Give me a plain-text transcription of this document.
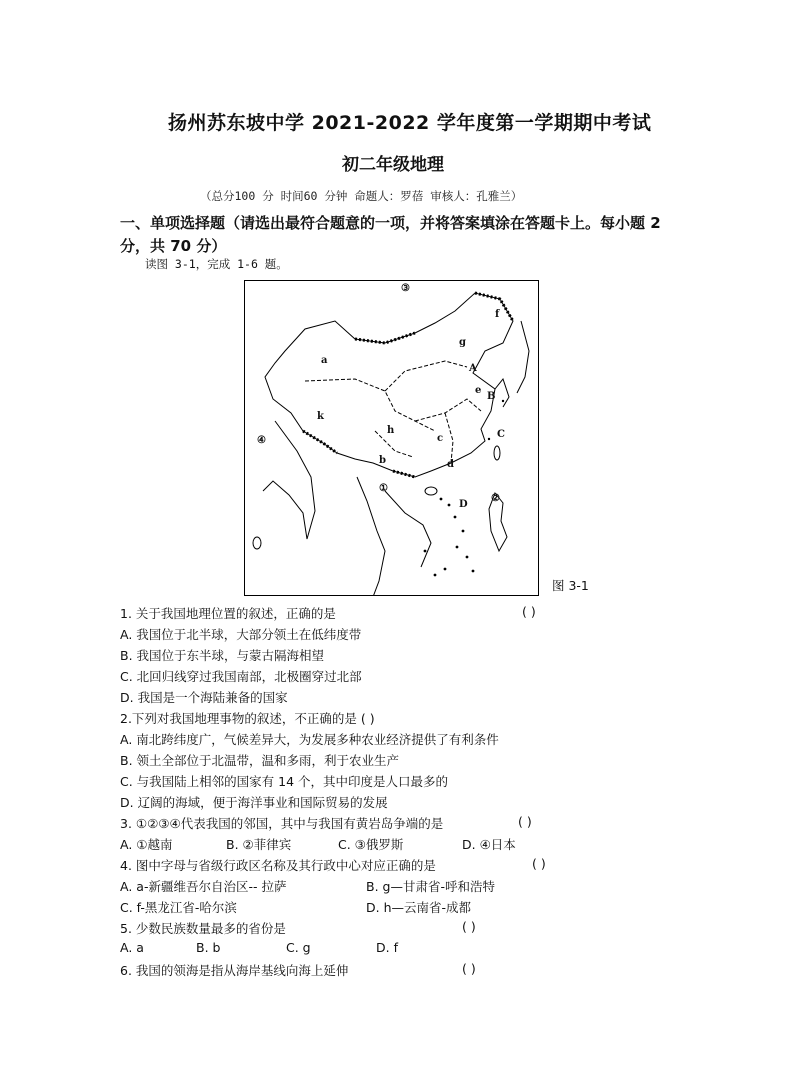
扬州苏东坡中学 2021-2022 学年度第一学期期中考试
初二年级地理
（总分100 分 时间60 分钟 命题人：罗蓓 审核人：孔雅兰）
一、单项选择题（请选出最符合题意的一项，并将答案填涂在答题卡上。每小题 2 分，共 70 分）
读图 3-1，完成 1-6 题。
③
f
g
a
A
e
B
k
④
h
c	C
b	d
①
D
②
图 3-1
1. 关于我国地理位置的叙述，正确的是	( )
A. 我国位于北半球，大部分领土在低纬度带
B. 我国位于东半球，与蒙古隔海相望
C. 北回归线穿过我国南部，北极圈穿过北部
D. 我国是一个海陆兼备的国家
2.下列对我国地理事物的叙述，不正确的是 ( )
A. 南北跨纬度广，气候差异大，为发展多种农业经济提供了有利条件
B. 领土全部位于北温带，温和多雨，利于农业生产
C. 与我国陆上相邻的国家有 14 个，其中印度是人口最多的
D. 辽阔的海域，便于海洋事业和国际贸易的发展
3. ①②③④代表我国的邻国，其中与我国有黄岩岛争端的是	( )
A. ①越南	B. ②菲律宾	C. ③俄罗斯	D. ④日本
4. 图中字母与省级行政区名称及其行政中心对应正确的是	( )
A. a-新疆维吾尔自治区-- 拉萨	B. g—甘肃省-呼和浩特
C. f-黑龙江省-哈尔滨	D. h—云南省-成都
5. 少数民族数量最多的省份是	( )
A. a	B. b	C. g	D. f
6. 我国的领海是指从海岸基线向海上延伸	( )
